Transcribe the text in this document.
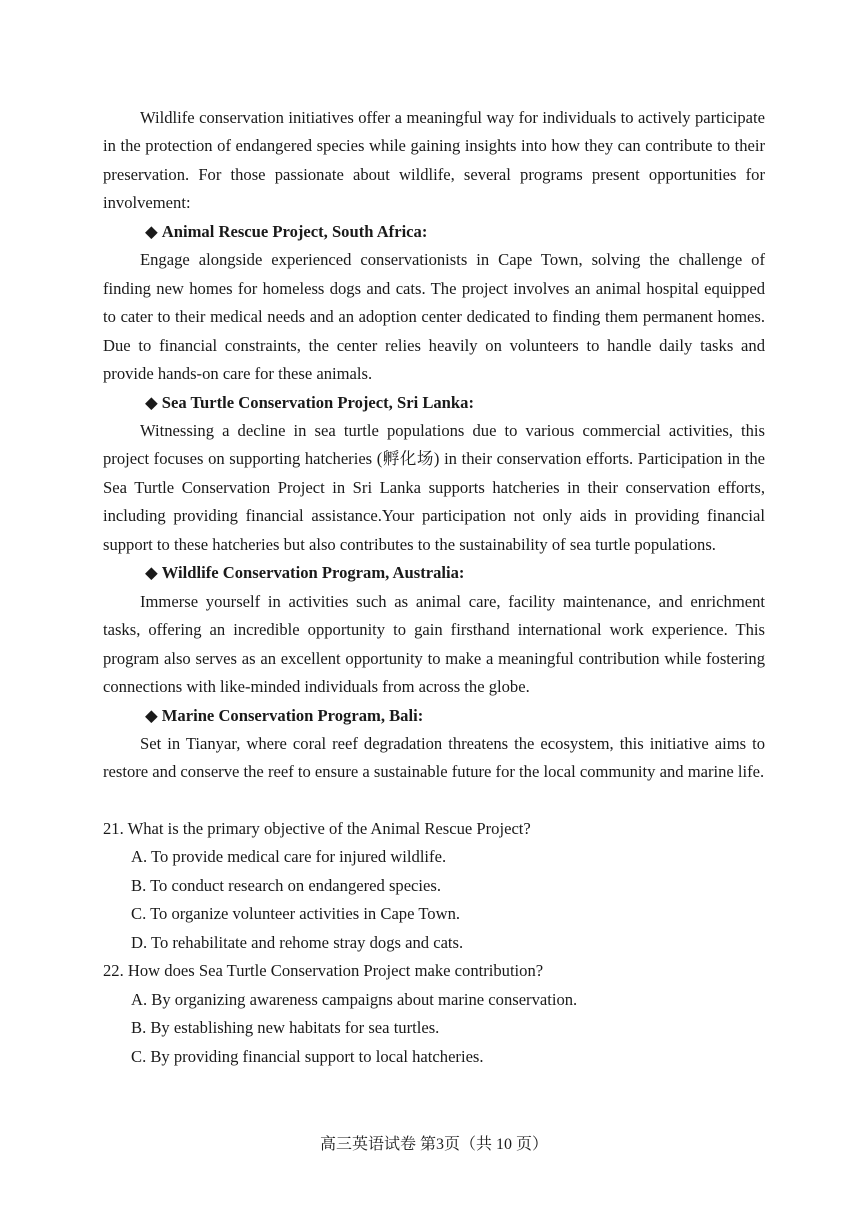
Wildlife conservation initiatives offer a meaningful way for individuals to actively participate in the protection of endangered species while gaining insights into how they can contribute to their preservation. For those passionate about wildlife, several programs present opportunities for involvement:

◆ Animal Rescue Project, South Africa:

Engage alongside experienced conservationists in Cape Town, solving the challenge of finding new homes for homeless dogs and cats. The project involves an animal hospital equipped to cater to their medical needs and an adoption center dedicated to finding them permanent homes. Due to financial constraints, the center relies heavily on volunteers to handle daily tasks and provide hands-on care for these animals.

◆ Sea Turtle Conservation Project, Sri Lanka:

Witnessing a decline in sea turtle populations due to various commercial activities, this project focuses on supporting hatcheries (孵化场) in their conservation efforts. Participation in the Sea Turtle Conservation Project in Sri Lanka supports hatcheries in their conservation efforts, including providing financial assistance.Your participation not only aids in providing financial support to these hatcheries but also contributes to the sustainability of sea turtle populations.

◆ Wildlife Conservation Program, Australia:

Immerse yourself in activities such as animal care, facility maintenance, and enrichment tasks, offering an incredible opportunity to gain firsthand international work experience. This program also serves as an excellent opportunity to make a meaningful contribution while fostering connections with like-minded individuals from across the globe.

◆ Marine Conservation Program, Bali:

Set in Tianyar, where coral reef degradation threatens the ecosystem, this initiative aims to restore and conserve the reef to ensure a sustainable future for the local community and marine life.

21. What is the primary objective of the Animal Rescue Project?

A. To provide medical care for injured wildlife.

B. To conduct research on endangered species.

C. To organize volunteer activities in Cape Town.

D. To rehabilitate and rehome stray dogs and cats.

22. How does Sea Turtle Conservation Project make contribution?

A. By organizing awareness campaigns about marine conservation.

B. By establishing new habitats for sea turtles.

C. By providing financial support to local hatcheries.

高三英语试卷 第3页（共 10 页）
